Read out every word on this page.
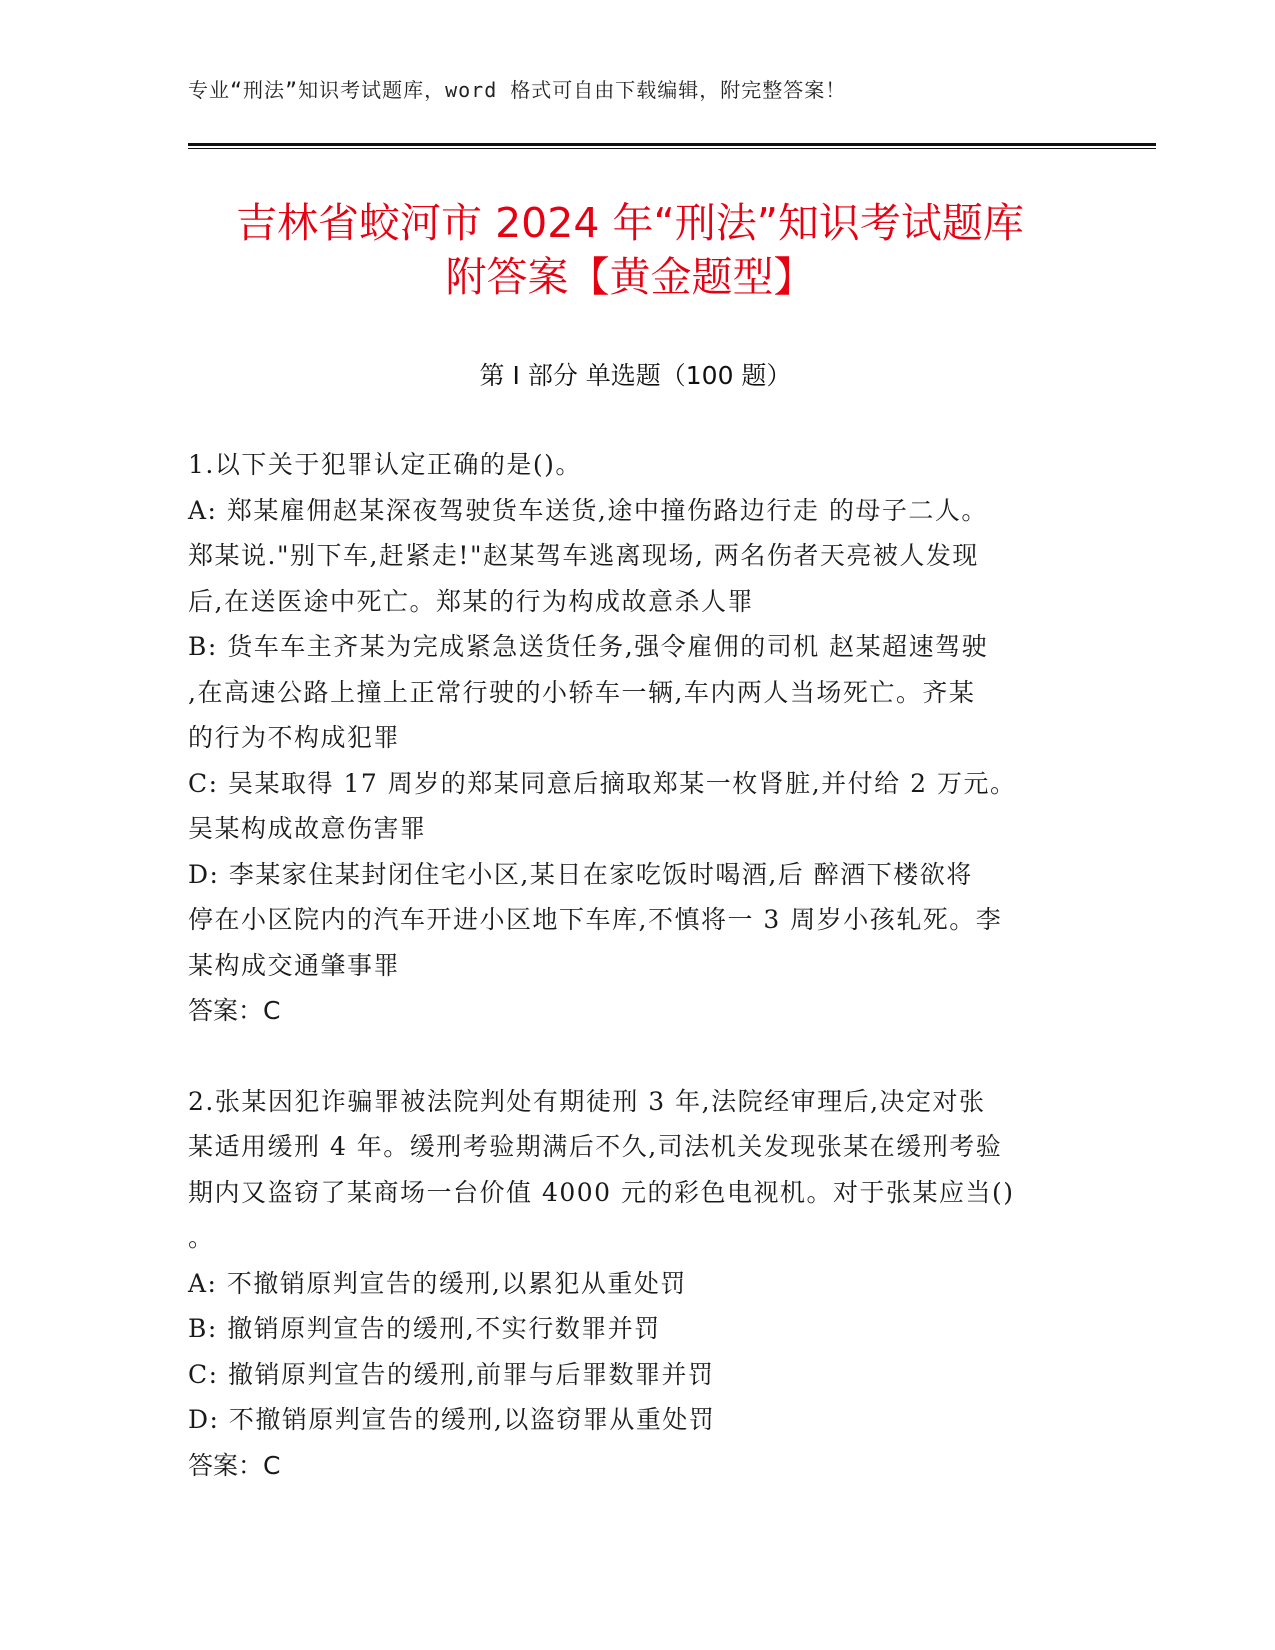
专业“刑法”知识考试题库，word 格式可自由下载编辑，附完整答案！
吉林省蛟河市 2024 年“刑法”知识考试题库
附答案【黄金题型】
第 I 部分 单选题（100 题）
1.以下关于犯罪认定正确的是()。
A: 郑某雇佣赵某深夜驾驶货车送货,途中撞伤路边行走 的母子二人。
郑某说."别下车,赶紧走!"赵某驾车逃离现场, 两名伤者天亮被人发现
后,在送医途中死亡。郑某的行为构成故意杀人罪
B: 货车车主齐某为完成紧急送货任务,强令雇佣的司机 赵某超速驾驶
,在高速公路上撞上正常行驶的小轿车一辆,车内两人当场死亡。齐某
的行为不构成犯罪
C: 吴某取得 17 周岁的郑某同意后摘取郑某一枚肾脏,并付给 2 万元。
吴某构成故意伤害罪
D: 李某家住某封闭住宅小区,某日在家吃饭时喝酒,后 醉酒下楼欲将
停在小区院内的汽车开进小区地下车库,不慎将一 3 周岁小孩轧死。李
某构成交通肇事罪
答案：C
2.张某因犯诈骗罪被法院判处有期徒刑 3 年,法院经审理后,决定对张
某适用缓刑 4 年。缓刑考验期满后不久,司法机关发现张某在缓刑考验
期内又盗窃了某商场一台价值 4000 元的彩色电视机。对于张某应当()
。
A: 不撤销原判宣告的缓刑,以累犯从重处罚
B: 撤销原判宣告的缓刑,不实行数罪并罚
C: 撤销原判宣告的缓刑,前罪与后罪数罪并罚
D: 不撤销原判宣告的缓刑,以盗窃罪从重处罚
答案：C
